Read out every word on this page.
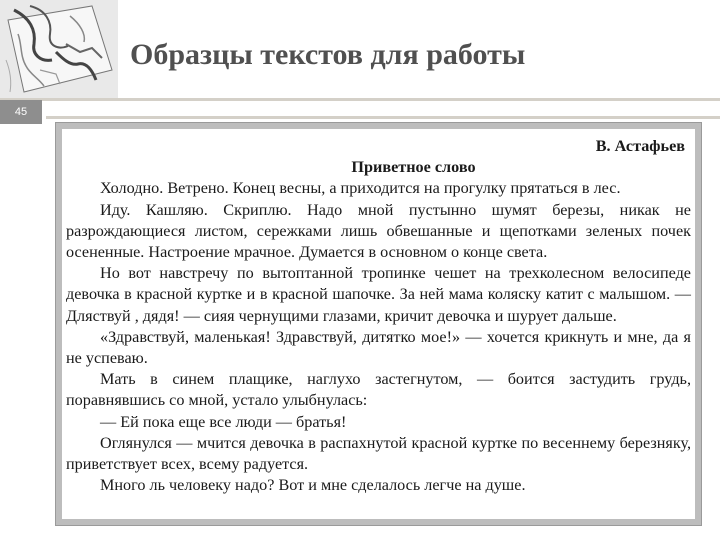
Образцы текстов для работы
45
В. Астафьев
Приветное слово

Холодно. Ветрено. Конец весны, а приходится на прогулку прятаться в лес.

Иду. Кашляю. Скриплю. Надо мной пустынно шумят березы, никак не разрождающиеся листом, сережками лишь обвешанные и щепотками зеленых почек осененные. Настроение мрачное. Думается в основном о конце света.

Но вот навстречу по вытоптанной тропинке чешет на трехколесном велосипеде девочка в красной куртке и в красной шапочке. За ней мама коляску катит с малышом. — Дляствуй , дядя! — сияя чернущими глазами, кричит девочка и шурует дальше.

«Здравствуй, маленькая! Здравствуй, дитятко мое!» — хочется крикнуть и мне, да я не успеваю.

Мать в синем плащике, наглухо застегнутом, — боится застудить грудь, поравнявшись со мной, устало улыбнулась:

— Ей пока еще все люди — братья!

Оглянулся — мчится девочка в распахнутой красной куртке по весеннему березняку, приветствует всех, всему радуется.

Много ль человеку надо? Вот и мне сделалось легче на душе.
